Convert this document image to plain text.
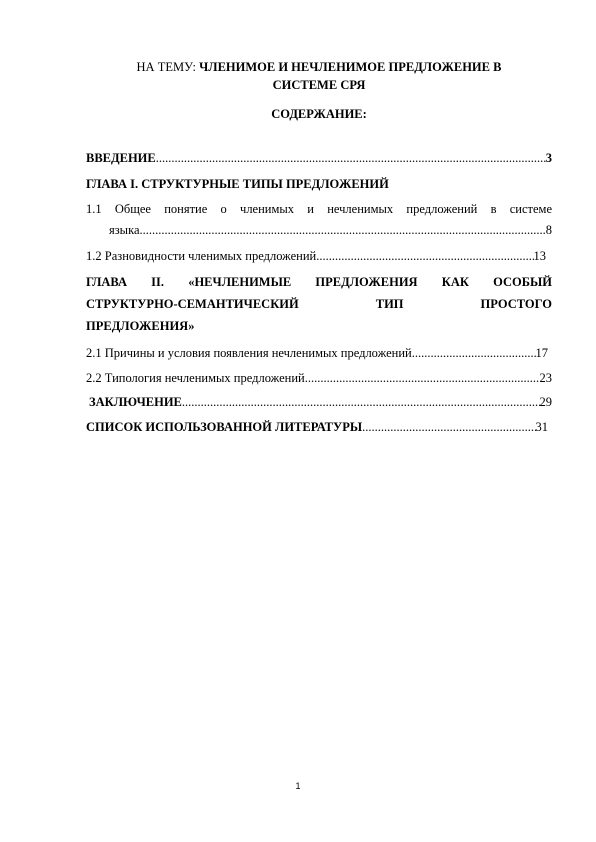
НА ТЕМУ: ЧЛЕНИМОЕ И НЕЧЛЕНИМОЕ ПРЕДЛОЖЕНИЕ В
СИСТЕМЕ СРЯ
СОДЕРЖАНИЕ:
ВВЕДЕНИЕ .....	3
ГЛАВА I. СТРУКТУРНЫЕ ТИПЫ ПРЕДЛОЖЕНИЙ
1.1 Общее понятие о членимых и нечленимых предложений в системе
языка .....	8
1.2 Разновидности членимых предложений .....	13
ГЛАВА II. «НЕЧЛЕНИМЫЕ ПРЕДЛОЖЕНИЯ КАК ОСОБЫЙ
СТРУКТУРНО-СЕМАНТИЧЕСКИЙ ТИП ПРОСТОГО
ПРЕДЛОЖЕНИЯ»
2.1 Причины и условия появления нечленимых предложений .....	17
2.2 Типология нечленимых предложений .....	23
ЗАКЛЮЧЕНИЕ .....	29
СПИСОК ИСПОЛЬЗОВАННОЙ ЛИТЕРАТУРЫ .....	31
1
